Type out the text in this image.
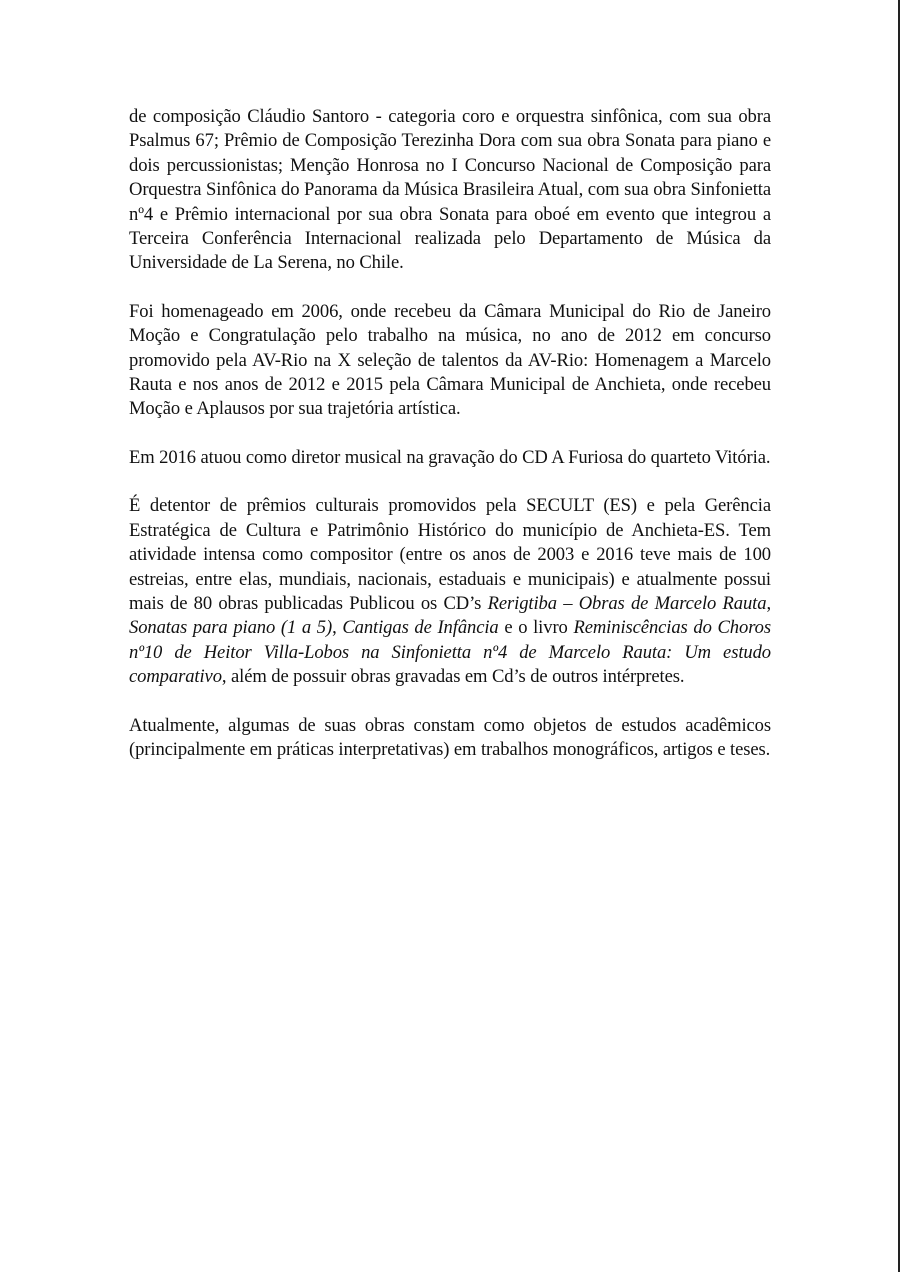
de composição Cláudio Santoro - categoria coro e orquestra sinfônica, com sua obra Psalmus 67; Prêmio de Composição Terezinha Dora com sua obra Sonata para piano e dois percussionistas; Menção Honrosa no I Concurso Nacional de Composição para Orquestra Sinfônica do Panorama da Música Brasileira Atual, com sua obra Sinfonietta nº4 e Prêmio internacional por sua obra Sonata para oboé em evento que integrou a Terceira Conferência Internacional realizada pelo Departamento de Música da Universidade de La Serena, no Chile.

Foi homenageado em 2006, onde recebeu da Câmara Municipal do Rio de Janeiro Moção e Congratulação pelo trabalho na música, no ano de 2012 em concurso promovido pela AV-Rio na X seleção de talentos da AV-Rio: Homenagem a Marcelo Rauta e nos anos de 2012 e 2015 pela Câmara Municipal de Anchieta, onde recebeu Moção e Aplausos por sua trajetória artística.

Em 2016 atuou como diretor musical na gravação do CD A Furiosa do quarteto Vitória.

É detentor de prêmios culturais promovidos pela SECULT (ES) e pela Gerência Estratégica de Cultura e Patrimônio Histórico do município de Anchieta-ES. Tem atividade intensa como compositor (entre os anos de 2003 e 2016 teve mais de 100 estreias, entre elas, mundiais, nacionais, estaduais e municipais) e atualmente possui mais de 80 obras publicadas Publicou os CD’s Rerigtiba – Obras de Marcelo Rauta, Sonatas para piano (1 a 5), Cantigas de Infância e o livro Reminiscências do Choros nº10 de Heitor Villa-Lobos na Sinfonietta nº4 de Marcelo Rauta: Um estudo comparativo, além de possuir obras gravadas em Cd’s de outros intérpretes.

Atualmente, algumas de suas obras constam como objetos de estudos acadêmicos (principalmente em práticas interpretativas) em trabalhos monográficos, artigos e teses.
